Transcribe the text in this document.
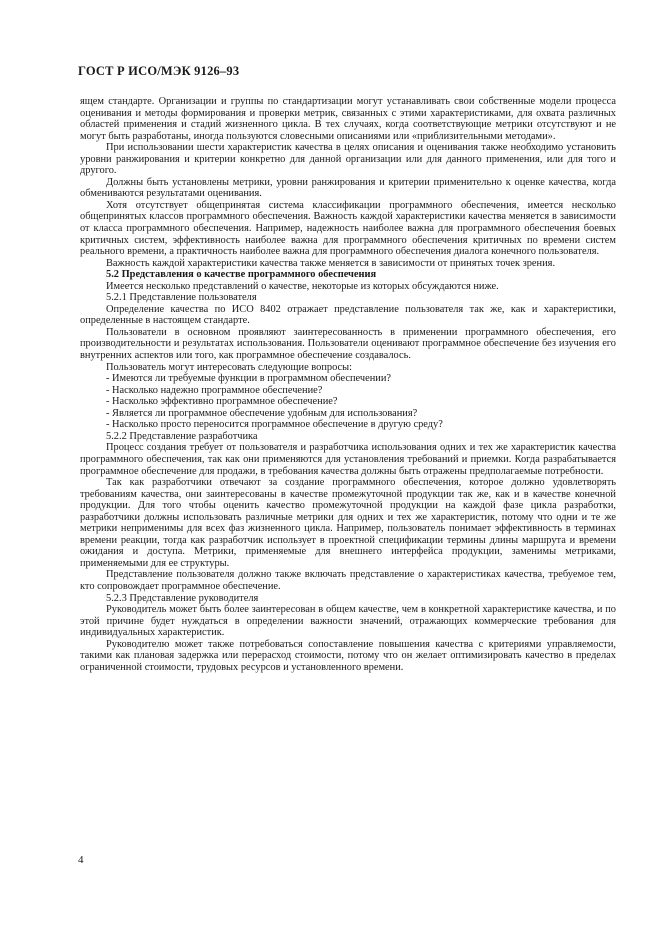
ГОСТ Р ИСО/МЭК 9126–93

ящем стандарте. Организации и группы по стандартизации могут устанавливать свои собственные модели процесса оценивания и методы формирования и проверки метрик, связанных с этими характеристиками, для охвата различных областей применения и стадий жизненного цикла. В тех случаях, когда соответствующие метрики отсутствуют и не могут быть разработаны, иногда пользуются словесными описаниями или «приблизительными методами».

При использовании шести характеристик качества в целях описания и оценивания также необходимо установить уровни ранжирования и критерии конкретно для данной организации или для данного применения, или для того и другого.

Должны быть установлены метрики, уровни ранжирования и критерии применительно к оценке качества, когда обмениваются результатами оценивания.

Хотя отсутствует общепринятая система классификации программного обеспечения, имеется несколько общепринятых классов программного обеспечения. Важность каждой характеристики качества меняется в зависимости от класса программного обеспечения. Например, надежность наиболее важна для программного обеспечения боевых критичных систем, эффективность наиболее важна для программного обеспечения критичных по времени систем реального времени, а практичность наиболее важна для программного обеспечения диалога конечного пользователя.

Важность каждой характеристики качества также меняется в зависимости от принятых точек зрения.

5.2 Представления о качестве программного обеспечения

Имеется несколько представлений о качестве, некоторые из которых обсуждаются ниже.

5.2.1 Представление пользователя

Определение качества по ИСО 8402 отражает представление пользователя так же, как и характеристики, определенные в настоящем стандарте.

Пользователи в основном проявляют заинтересованность в применении программного обеспечения, его производительности и результатах использования. Пользователи оценивают программное обеспечение без изучения его внутренних аспектов или того, как программное обеспечение создавалось.

Пользователь могут интересовать следующие вопросы:

- Имеются ли требуемые функции в программном обеспечении?

- Насколько надежно программное обеспечение?

- Насколько эффективно программное обеспечение?

- Является ли программное обеспечение удобным для использования?

- Насколько просто переносится программное обеспечение в другую среду?

5.2.2 Представление разработчика

Процесс создания требует от пользователя и разработчика использования одних и тех же характеристик качества программного обеспечения, так как они применяются для установления требований и приемки. Когда разрабатывается программное обеспечение для продажи, в требования качества должны быть отражены предполагаемые потребности.

Так как разработчики отвечают за создание программного обеспечения, которое должно удовлетворять требованиям качества, они заинтересованы в качестве промежуточной продукции так же, как и в качестве конечной продукции. Для того чтобы оценить качество промежуточной продукции на каждой фазе цикла разработки, разработчики должны использовать различные метрики для одних и тех же характеристик, потому что одни и те же метрики неприменимы для всех фаз жизненного цикла. Например, пользователь понимает эффективность в терминах времени реакции, тогда как разработчик использует в проектной спецификации термины длины маршрута и времени ожидания и доступа. Метрики, применяемые для внешнего интерфейса продукции, заменимы метриками, применяемыми для ее структуры.

Представление пользователя должно также включать представление о характеристиках качества, требуемое тем, кто сопровождает программное обеспечение.

5.2.3 Представление руководителя

Руководитель может быть более заинтересован в общем качестве, чем в конкретной характеристике качества, и по этой причине будет нуждаться в определении важности значений, отражающих коммерческие требования для индивидуальных характеристик.

Руководителю может также потребоваться сопоставление повышения качества с критериями управляемости, такими как плановая задержка или перерасход стоимости, потому что он желает оптимизировать качество в пределах ограниченной стоимости, трудовых ресурсов и установленного времени.

4
